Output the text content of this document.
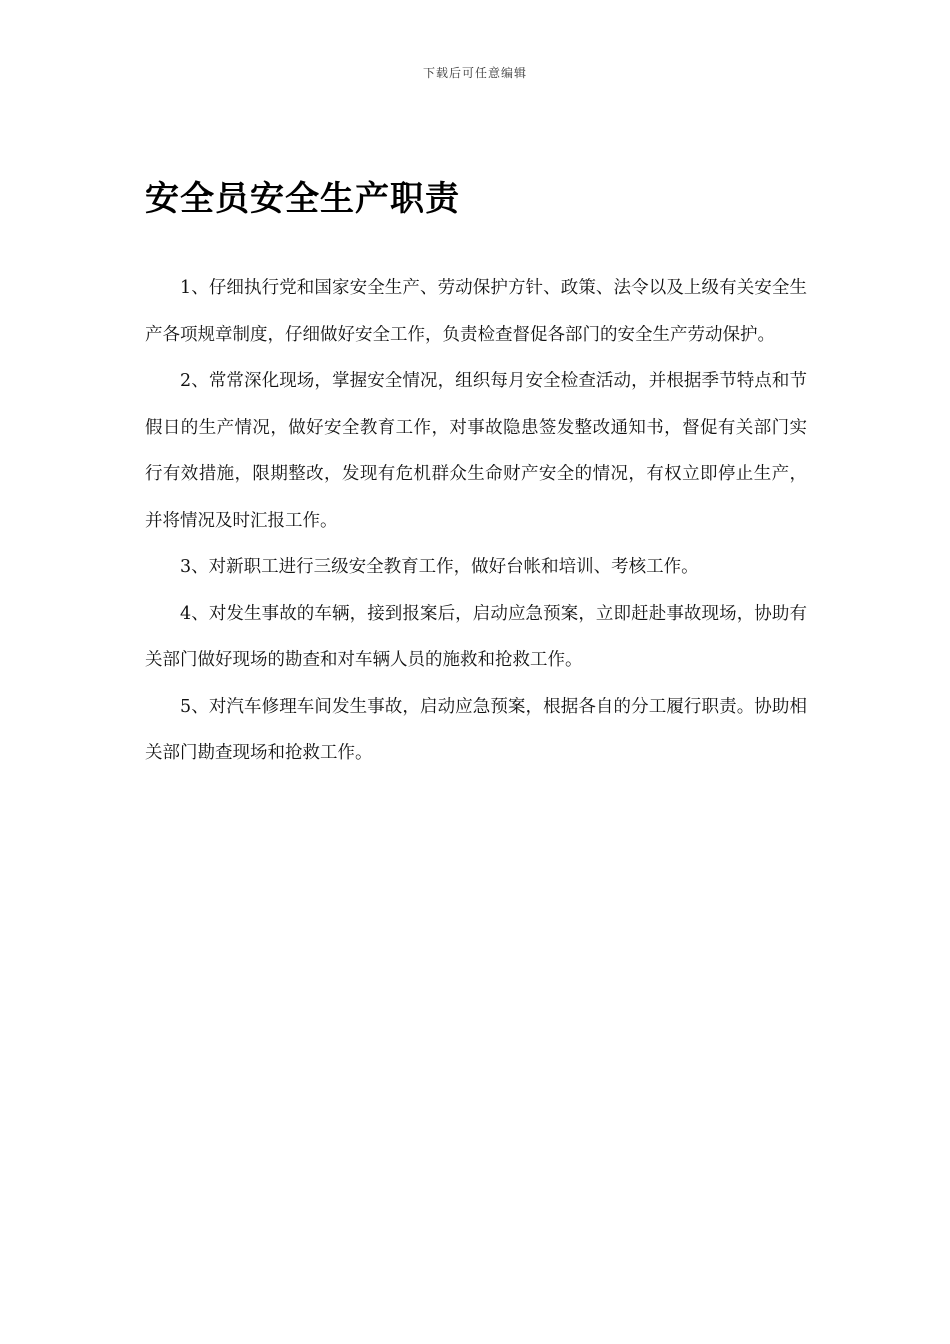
下载后可任意编辑
安全员安全生产职责

1、仔细执行党和国家安全生产、劳动保护方针、政策、法令以及上级有关安全生产各项规章制度，仔细做好安全工作，负责检查督促各部门的安全生产劳动保护。

2、常常深化现场，掌握安全情况，组织每月安全检查活动，并根据季节特点和节假日的生产情况，做好安全教育工作，对事故隐患签发整改通知书，督促有关部门实行有效措施，限期整改，发现有危机群众生命财产安全的情况，有权立即停止生产，并将情况及时汇报工作。

3、对新职工进行三级安全教育工作，做好台帐和培训、考核工作。

4、对发生事故的车辆，接到报案后，启动应急预案，立即赶赴事故现场，协助有关部门做好现场的勘查和对车辆人员的施救和抢救工作。

5、对汽车修理车间发生事故，启动应急预案，根据各自的分工履行职责。协助相关部门勘查现场和抢救工作。
